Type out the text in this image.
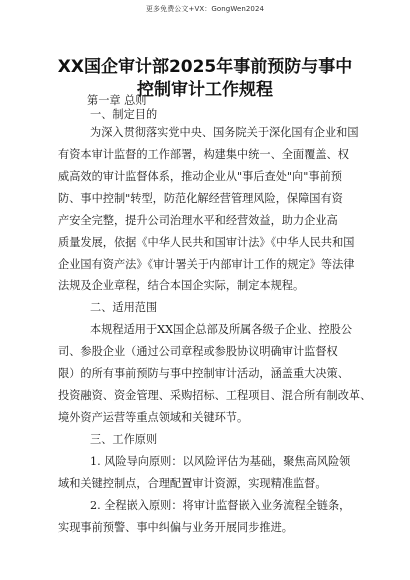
更多免费公文+VX：GongWen2024
XX国企审计部2025年事前预防与事中
控制审计工作规程
第一章 总则
一、制定目的
为深入贯彻落实党中央、国务院关于深化国有企业和国
有资本审计监督的工作部署，构建集中统一、全面覆盖、权
威高效的审计监督体系，推动企业从"事后查处"向"事前预
防、事中控制"转型，防范化解经营管理风险，保障国有资
产安全完整，提升公司治理水平和经营效益，助力企业高
质量发展，依据《中华人民共和国审计法》《中华人民共和国
企业国有资产法》《审计署关于内部审计工作的规定》等法律
法规及企业章程，结合本国企实际，制定本规程。
二、适用范围
本规程适用于XX国企总部及所属各级子企业、控股公
司、参股企业（通过公司章程或参股协议明确审计监督权
限）的所有事前预防与事中控制审计活动，涵盖重大决策、
投资融资、资金管理、采购招标、工程项目、混合所有制改革、
境外资产运营等重点领域和关键环节。
三、工作原则
1. 风险导向原则：以风险评估为基础，聚焦高风险领
域和关键控制点，合理配置审计资源，实现精准监督。
2. 全程嵌入原则：将审计监督嵌入业务流程全链条，
实现事前预警、事中纠偏与业务开展同步推进。
